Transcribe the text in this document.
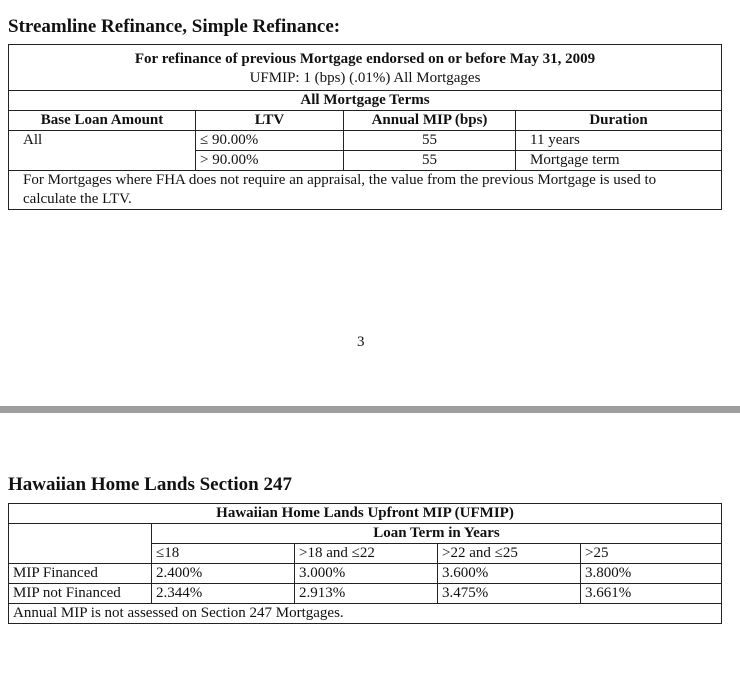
Streamline Refinance, Simple Refinance:
For refinance of previous Mortgage endorsed on or before May 31, 2009
UFMIP: 1 (bps) (.01%) All Mortgages			

All Mortgage Terms			
Base Loan Amount	LTV	Annual MIP (bps)	Duration
All	≤ 90.00%	55	11 years
	> 90.00%	55	Mortgage term
For Mortgages where FHA does not require an appraisal, the value from the previous Mortgage is used to calculate the LTV.			
3
Hawaiian Home Lands Section 247
Hawaiian Home Lands Upfront MIP (UFMIP)				
	Loan Term in Years			
	≤18	>18 and ≤22	>22 and ≤25	>25
MIP Financed	2.400%	3.000%	3.600%	3.800%
MIP not Financed	2.344%	2.913%	3.475%	3.661%
Annual MIP is not assessed on Section 247 Mortgages.				
